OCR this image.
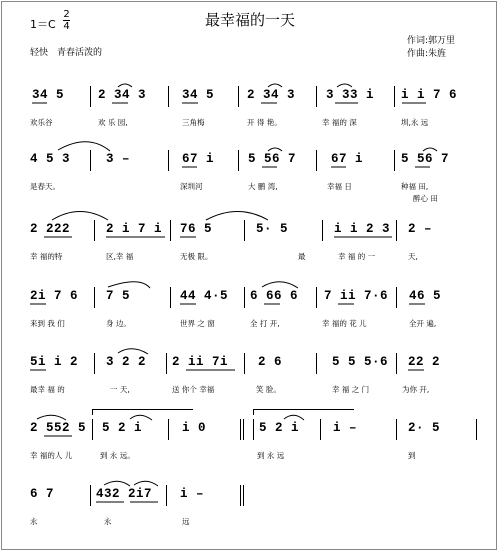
最幸福的一天
1＝C
2
4
轻快　青春活泼的
作词:郭万里
作曲:朱旌
34 5	2 34 3	34 5	2 34 3 3 33 i i i 7 6
欢乐谷	欢 乐 园,	三角梅	开 得 艳。	幸 福的 深	圳,永 远
4 5 3	3 –	67 i	5 56 7	67 i	5 56 7
是春天。	深圳河	大 鹏 湾,	幸福 日	种福 田,
醉心 田
2 222	2 i 7 i 76 5	5· 5	i i 2 3 2 –
幸 福的特	区,幸 福	无极 限。	最	幸 福 的 一	天,
2i 7 6 7 5	44 4·5 6 66 6 7 ii 7·6 46 5
来到 我 们	身 边。	世界 之 窗	全 打 开,	幸 福的 花 儿	全开 遍,
5i i 2 3 2 2 2 ii 7i 2 6	5 5 5·6 22 2
最幸 福 的	一 天,	送 你个 幸福	笑 脸。	幸 福 之 门	为你 开,
2 552 5 5 2 i	i 0	5 2 i	i –	2· 5
幸 福的人 儿	到 永 远。	到 永 远	到
6 7	432 2i7 i –
永	永	远
